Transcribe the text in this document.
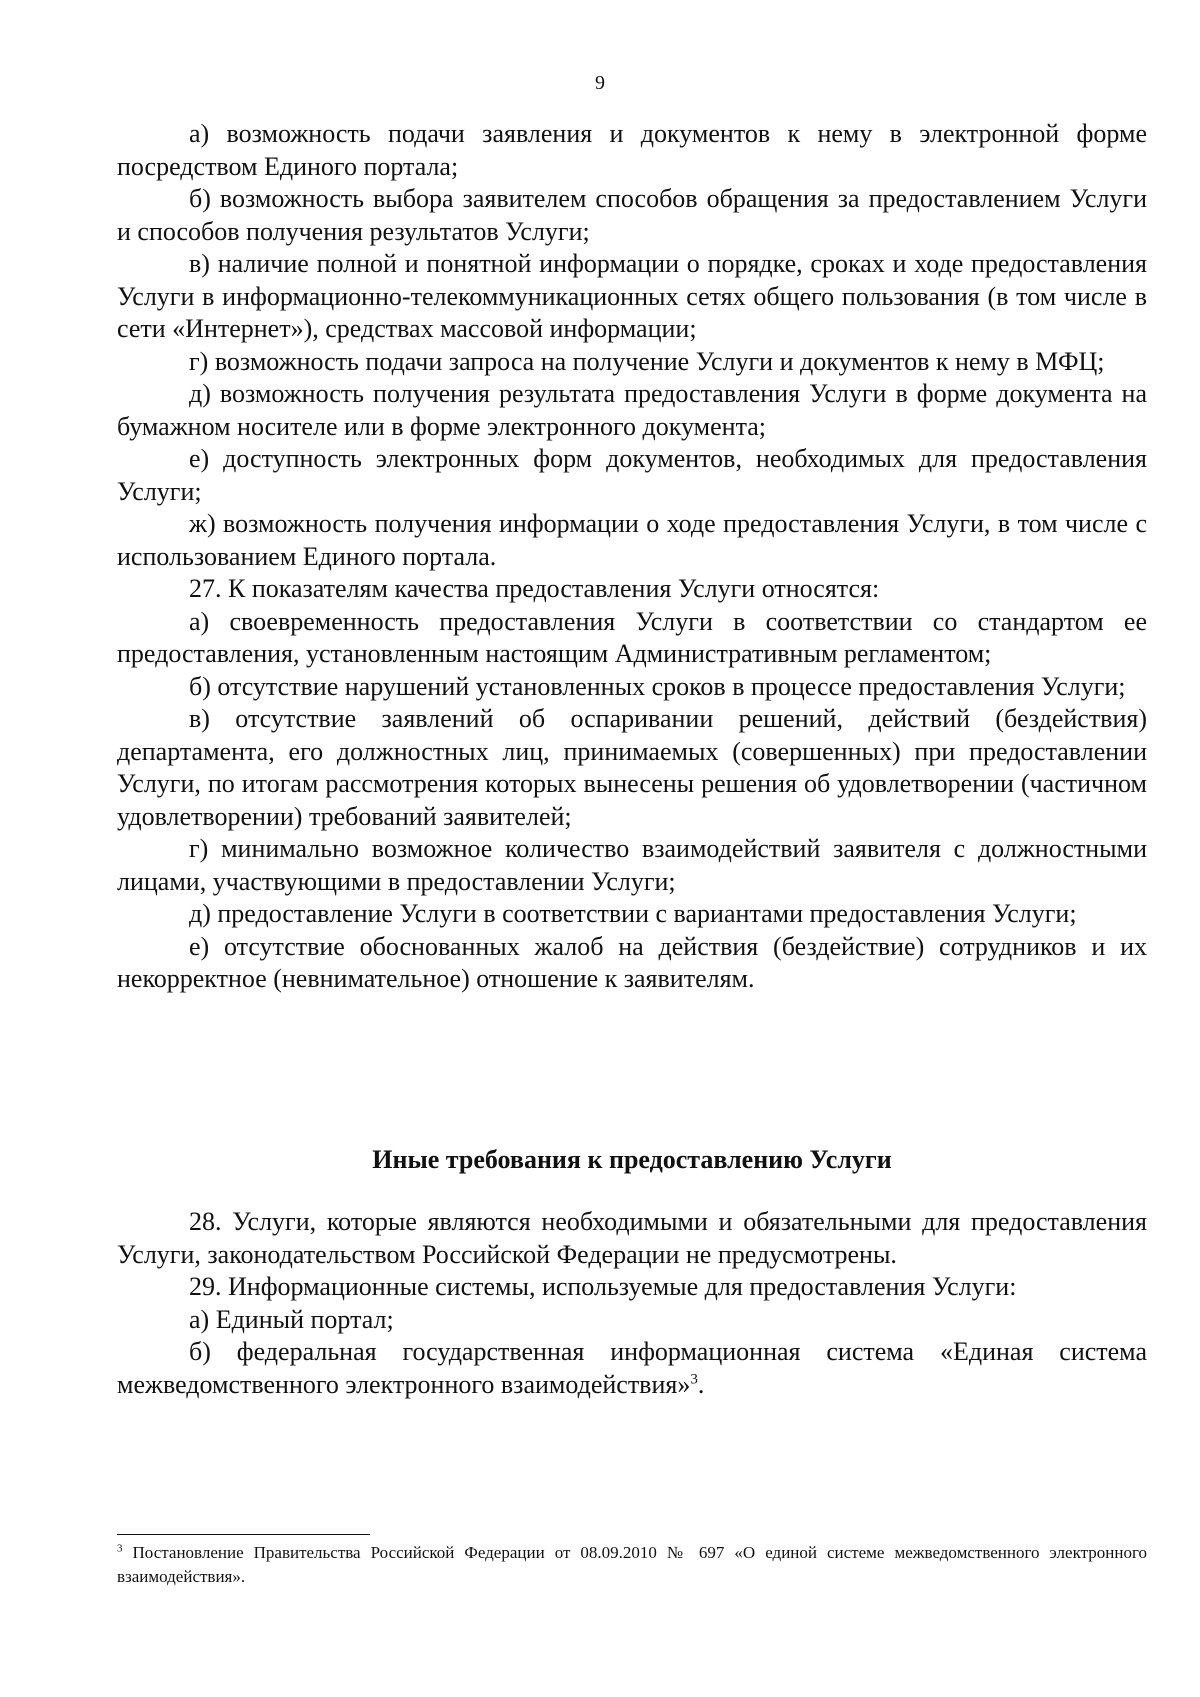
9

а) возможность подачи заявления и документов к нему в электронной форме посредством Единого портала;

б) возможность выбора заявителем способов обращения за предоставлением Услуги и способов получения результатов Услуги;

в) наличие полной и понятной информации о порядке, сроках и ходе предоставления Услуги в информационно-телекоммуникационных сетях общего пользования (в том числе в сети «Интернет»), средствах массовой информации;

г) возможность подачи запроса на получение Услуги и документов к нему в МФЦ;

д) возможность получения результата предоставления Услуги в форме документа на бумажном носителе или в форме электронного документа;

е) доступность электронных форм документов, необходимых для предоставления Услуги;

ж) возможность получения информации о ходе предоставления Услуги, в том числе с использованием Единого портала.

27. К показателям качества предоставления Услуги относятся:

а) своевременность предоставления Услуги в соответствии со стандартом ее предоставления, установленным настоящим Административным регламентом;

б) отсутствие нарушений установленных сроков в процессе предоставления Услуги;

в) отсутствие заявлений об оспаривании решений, действий (бездействия) департамента, его должностных лиц, принимаемых (совершенных) при предоставлении Услуги, по итогам рассмотрения которых вынесены решения об удовлетворении (частичном удовлетворении) требований заявителей;

г) минимально возможное количество взаимодействий заявителя с должностными лицами, участвующими в предоставлении Услуги;

д) предоставление Услуги в соответствии с вариантами предоставления Услуги;

е) отсутствие обоснованных жалоб на действия (бездействие) сотрудников и их некорректное (невнимательное) отношение к заявителям.

Иные требования к предоставлению Услуги

28. Услуги, которые являются необходимыми и обязательными для предоставления Услуги, законодательством Российской Федерации не предусмотрены.

29. Информационные системы, используемые для предоставления Услуги:

а) Единый портал;

б) федеральная государственная информационная система «Единая система межведомственного электронного взаимодействия»$^3$.

$^3$ Постановление Правительства Российской Федерации от 08.09.2010 № 697 «О единой системе межведомственного электронного взаимодействия».
